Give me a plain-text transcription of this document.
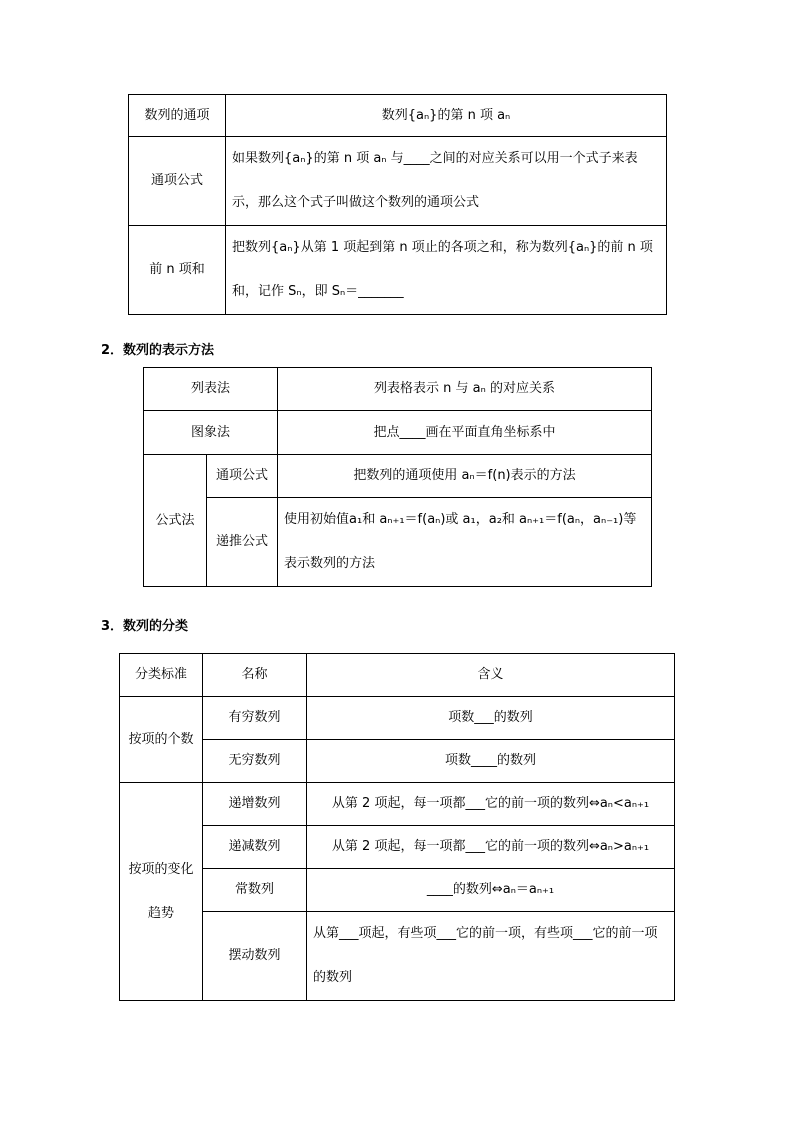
数列的通项	数列{aₙ}的第 n 项 aₙ
通项公式	如果数列{aₙ}的第 n 项 aₙ 与____之间的对应关系可以用一个式子来表示，那么这个式子叫做这个数列的通项公式
前 n 项和	把数列{aₙ}从第 1 项起到第 n 项止的各项之和，称为数列{aₙ}的前 n 项和，记作 Sₙ，即 Sₙ＝_______
2．数列的表示方法
列表法		列表格表示 n 与 aₙ 的对应关系
图象法		把点____画在平面直角坐标系中
公式法	通项公式	把数列的通项使用 aₙ＝f(n)表示的方法
	递推公式	使用初始值a₁和 aₙ₊₁＝f(aₙ)或 a₁，a₂和 aₙ₊₁＝f(aₙ，aₙ₋₁)等表示数列的方法
3．数列的分类
分类标准	名称	含义
按项的个数	有穷数列	项数___的数列
	无穷数列	项数____的数列
按项的变化趋势	递增数列	从第 2 项起，每一项都___它的前一项的数列⇔aₙ<aₙ₊₁
	递减数列	从第 2 项起，每一项都___它的前一项的数列⇔aₙ>aₙ₊₁
	常数列	____的数列⇔aₙ＝aₙ₊₁
	摆动数列	从第___项起，有些项___它的前一项，有些项___它的前一项的数列
